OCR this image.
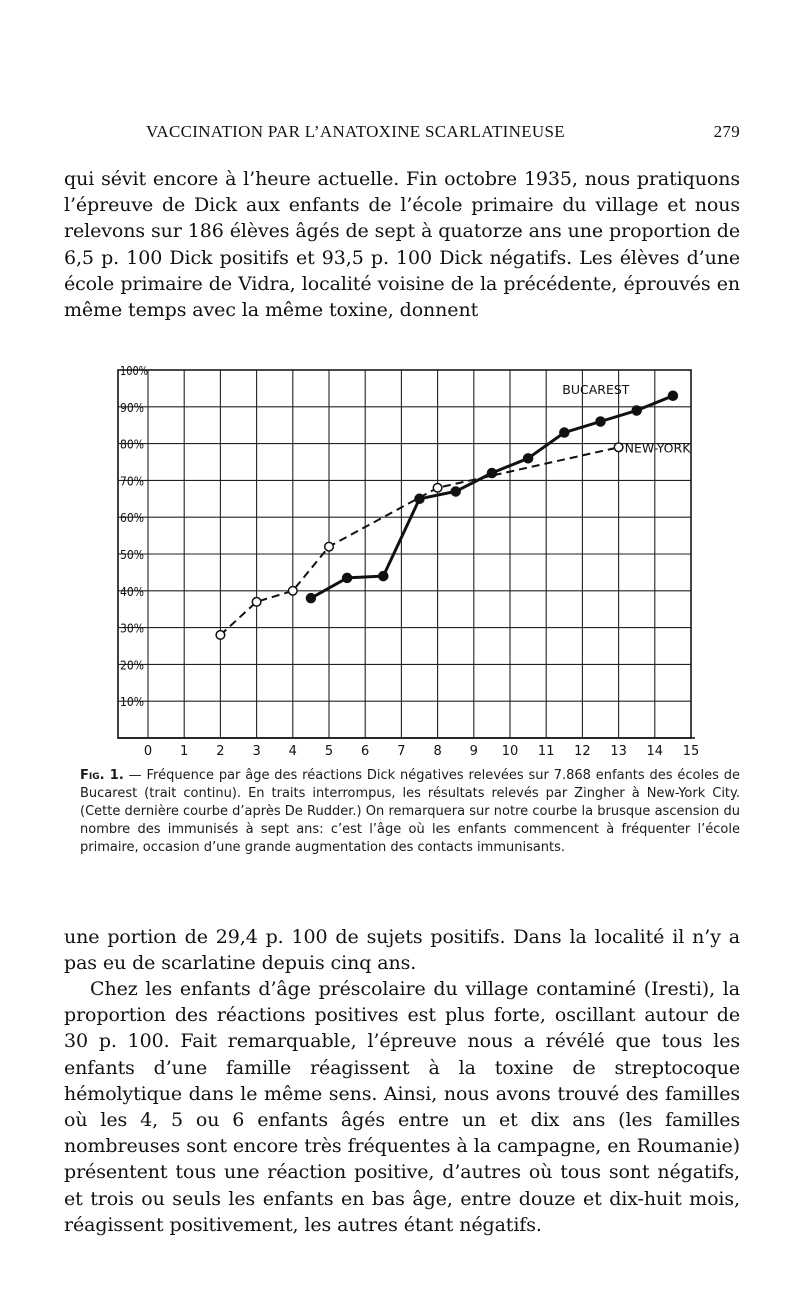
VACCINATION PAR L’ANATOXINE SCARLATINEUSE	279
qui sévit encore à l’heure actuelle. Fin octobre 1935, nous pratiquons l’épreuve de Dick aux enfants de l’école primaire du village et nous relevons sur 186 élèves âgés de sept à quatorze ans une proportion de 6,5 p. 100 Dick positifs et 93,5 p. 100 Dick négatifs. Les élèves d’une école primaire de Vidra, localité voisine de la précédente, éprouvés en même temps avec la même toxine, donnent
0 1 2 3 4 5 6 7 8 9 10 11 12 13 14 15
10%
20%
30%
40%
50%
60%
70%
80%
90%
100%
BUCAREST
NEW-YORK
Fig. 1. — Fréquence par âge des réactions Dick négatives relevées sur 7.868 enfants des écoles de Bucarest (trait continu). En traits interrompus, les résultats relevés par Zingher à New-York City. (Cette dernière courbe d’après De Rudder.) On remarquera sur notre courbe la brusque ascension du nombre des immunisés à sept ans: c’est l’âge où les enfants commencent à fréquenter l’école primaire, occasion d’une grande augmentation des contacts immunisants.
une portion de 29,4 p. 100 de sujets positifs. Dans la localité il n’y a pas eu de scarlatine depuis cinq ans.
Chez les enfants d’âge préscolaire du village contaminé (Iresti), la proportion des réactions positives est plus forte, oscillant autour de 30 p. 100. Fait remarquable, l’épreuve nous a révélé que tous les enfants d’une famille réagissent à la toxine de streptocoque hémolytique dans le même sens. Ainsi, nous avons trouvé des familles où les 4, 5 ou 6 enfants âgés entre un et dix ans (les familles nombreuses sont encore très fréquentes à la campagne, en Roumanie) présentent tous une réaction positive, d’autres où tous sont négatifs, et trois ou seuls les enfants en bas âge, entre douze et dix-huit mois, réagissent positivement, les autres étant négatifs.
